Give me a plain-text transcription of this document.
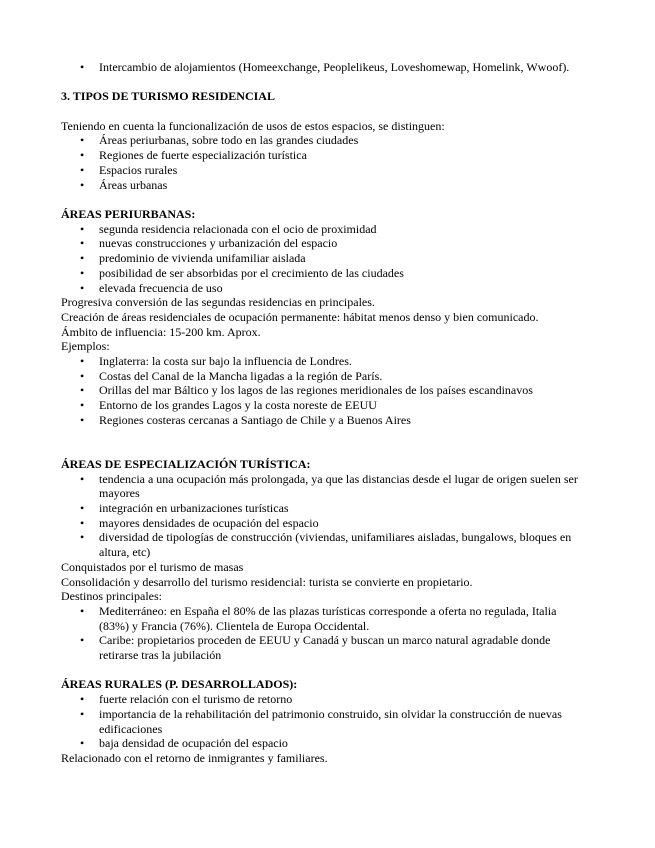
• Intercambio de alojamientos (Homeexchange, Peoplelikeus, Loveshomewap, Homelink, Wwoof).

3. TIPOS DE TURISMO RESIDENCIAL

Teniendo en cuenta la funcionalización de usos de estos espacios, se distinguen:

• Áreas periurbanas, sobre todo en las grandes ciudades
• Regiones de fuerte especialización turística
• Espacios rurales
• Áreas urbanas

ÁREAS PERIURBANAS:

• segunda residencia relacionada con el ocio de proximidad
• nuevas construcciones y urbanización del espacio
• predominio de vivienda unifamiliar aislada
• posibilidad de ser absorbidas por el crecimiento de las ciudades
• elevada frecuencia de uso

Progresiva conversión de las segundas residencias en principales.

Creación de áreas residenciales de ocupación permanente: hábitat menos denso y bien comunicado.

Ámbito de influencia: 15-200 km. Aprox.

Ejemplos:

• Inglaterra: la costa sur bajo la influencia de Londres.
• Costas del Canal de la Mancha ligadas a la región de París.
• Orillas del mar Báltico y los lagos de las regiones meridionales de los países escandinavos
• Entorno de los grandes Lagos y la costa noreste de EEUU
• Regiones costeras cercanas a Santiago de Chile y a Buenos Aires

ÁREAS DE ESPECIALIZACIÓN TURÍSTICA:

• tendencia a una ocupación más prolongada, ya que las distancias desde el lugar de origen suelen ser mayores
• integración en urbanizaciones turísticas
• mayores densidades de ocupación del espacio
• diversidad de tipologías de construcción (viviendas, unifamiliares aisladas, bungalows, bloques en altura, etc)

Conquistados por el turismo de masas

Consolidación y desarrollo del turismo residencial: turista se convierte en propietario.

Destinos principales:

• Mediterráneo: en España el 80% de las plazas turísticas corresponde a oferta no regulada, Italia (83%) y Francia (76%). Clientela de Europa Occidental.
• Caribe: propietarios proceden de EEUU y Canadá y buscan un marco natural agradable donde retirarse tras la jubilación

ÁREAS RURALES (P. DESARROLLADOS):

• fuerte relación con el turismo de retorno
• importancia de la rehabilitación del patrimonio construido, sin olvidar la construcción de nuevas edificaciones
• baja densidad de ocupación del espacio

Relacionado con el retorno de inmigrantes y familiares.
